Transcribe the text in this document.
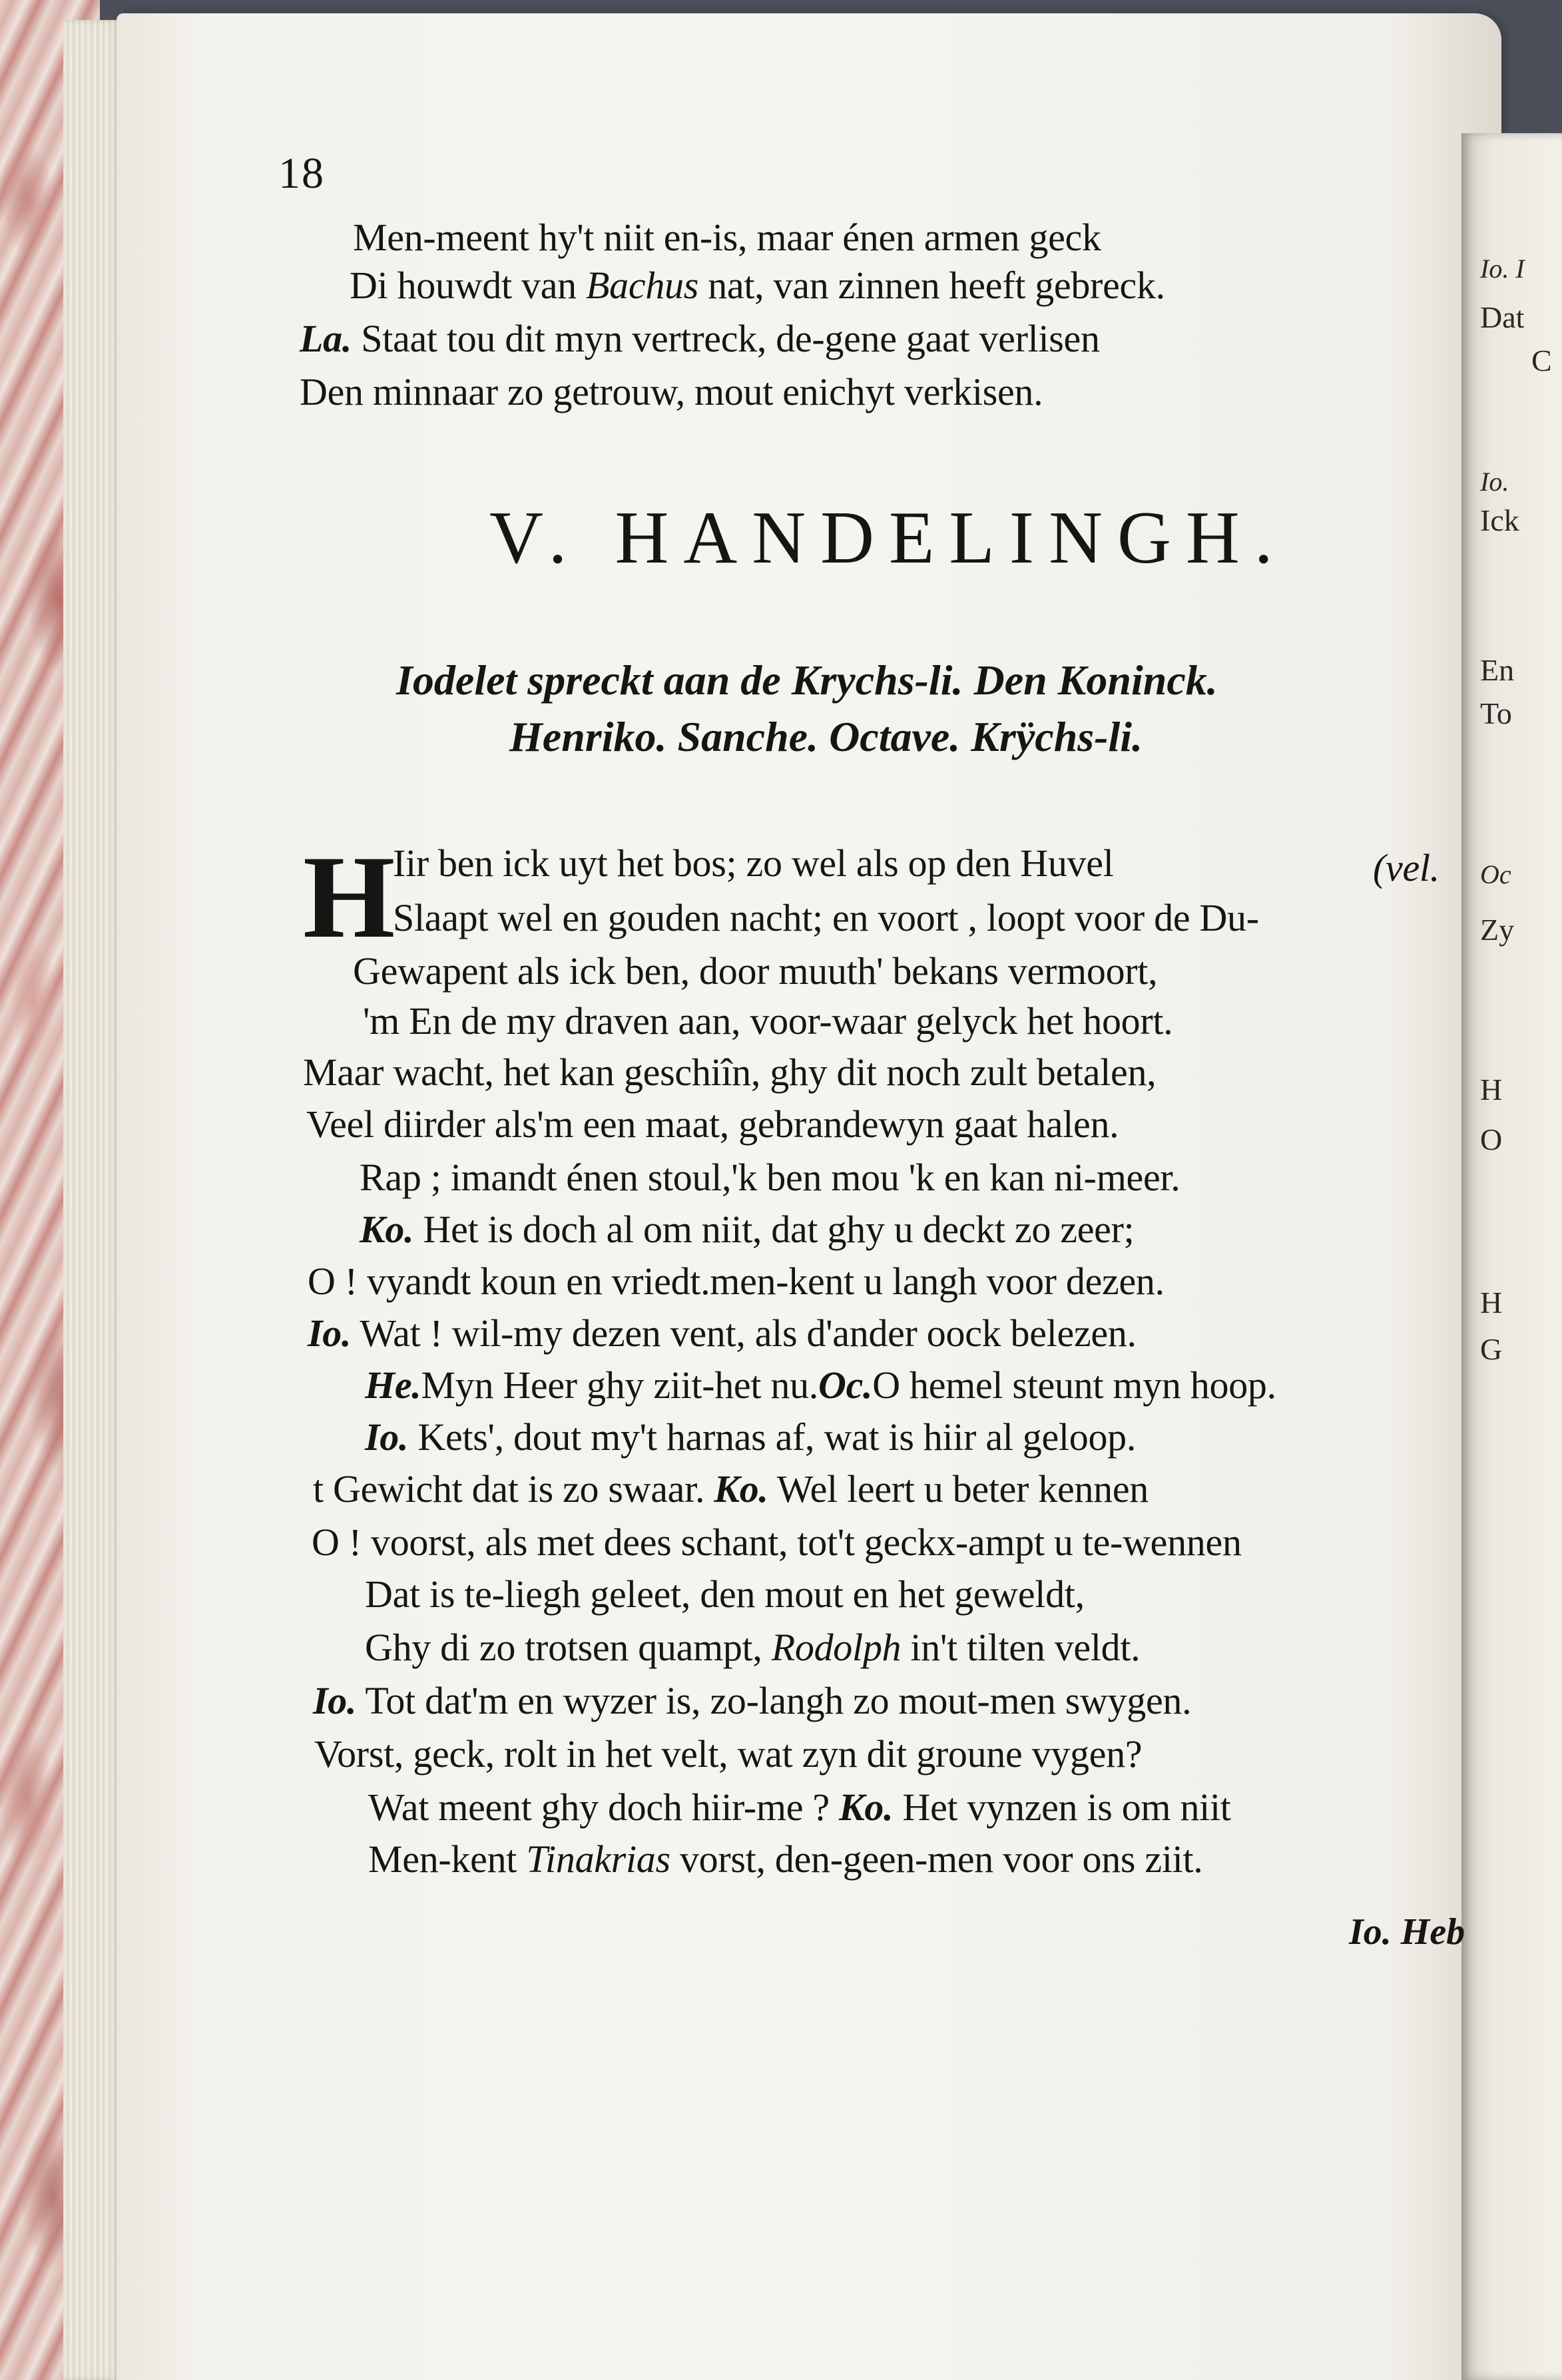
Io. I
Dat
C
Io.
Ick
En
To
Oc
Zy
H
O
H
G
18
Men-meent hy't niit en-is, maar énen armen geck
Di houwdt van Bachus nat, van zinnen heeft gebreck.
La. Staat tou dit myn vertreck, de-gene gaat verlisen
Den minnaar zo getrouw, mout enichyt verkisen.
V. HANDELINGH.
Iodelet spreckt aan de Krychs-li. Den Koninck.
Henriko. Sanche. Octave. Krÿchs-li.
H	(vel.
Iir ben ick uyt het bos; zo wel als op den Huvel
Slaapt wel en gouden nacht; en voort , loopt voor de Du-
Gewapent als ick ben, door muuth' bekans vermoort,
'm En de my draven aan, voor-waar gelyck het hoort.
Maar wacht, het kan geschiîn, ghy dit noch zult betalen,
Veel diirder als'm een maat, gebrandewyn gaat halen.
Rap ; imandt énen stoul,'k ben mou 'k en kan ni-meer.
Ko. Het is doch al om niit, dat ghy u deckt zo zeer;
O ! vyandt koun en vriedt.men-kent u langh voor dezen.
Io. Wat ! wil-my dezen vent, als d'ander oock belezen.
He.Myn Heer ghy ziit-het nu.Oc.O hemel steunt myn hoop.
Io. Kets', dout my't harnas af, wat is hiir al geloop.
t Gewicht dat is zo swaar. Ko. Wel leert u beter kennen
O ! voorst, als met dees schant, tot't geckx-ampt u te-wennen
Dat is te-liegh geleet, den mout en het geweldt,
Ghy di zo trotsen quampt, Rodolph in't tilten veldt.
Io. Tot dat'm en wyzer is, zo-langh zo mout-men swygen.
Vorst, geck, rolt in het velt, wat zyn dit groune vygen?
Wat meent ghy doch hiir-me ? Ko. Het vynzen is om niit
Men-kent Tinakrias vorst, den-geen-men voor ons ziit.
Io. Heb
